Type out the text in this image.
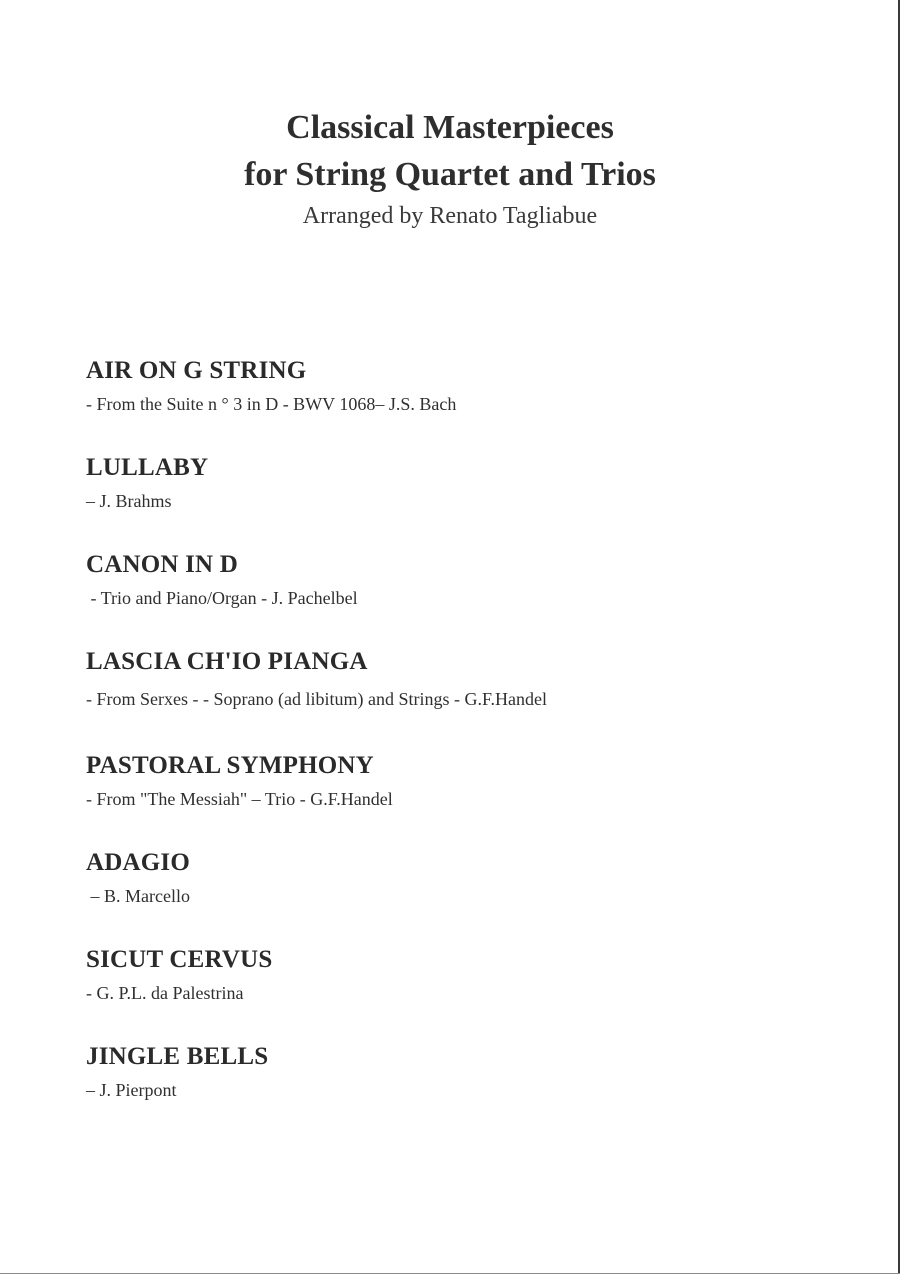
Classical Masterpieces
for String Quartet and Trios
Arranged by Renato Tagliabue
AIR ON G STRING
- From the Suite n ° 3 in D - BWV 1068– J.S. Bach
LULLABY
– J. Brahms
CANON IN D
- Trio and Piano/Organ - J. Pachelbel
LASCIA CH'IO PIANGA
- From Serxes - - Soprano (ad libitum) and Strings - G.F.Handel
PASTORAL SYMPHONY
- From "The Messiah" – Trio - G.F.Handel
ADAGIO
– B. Marcello
SICUT CERVUS
- G. P.L. da Palestrina
JINGLE BELLS
– J. Pierpont
